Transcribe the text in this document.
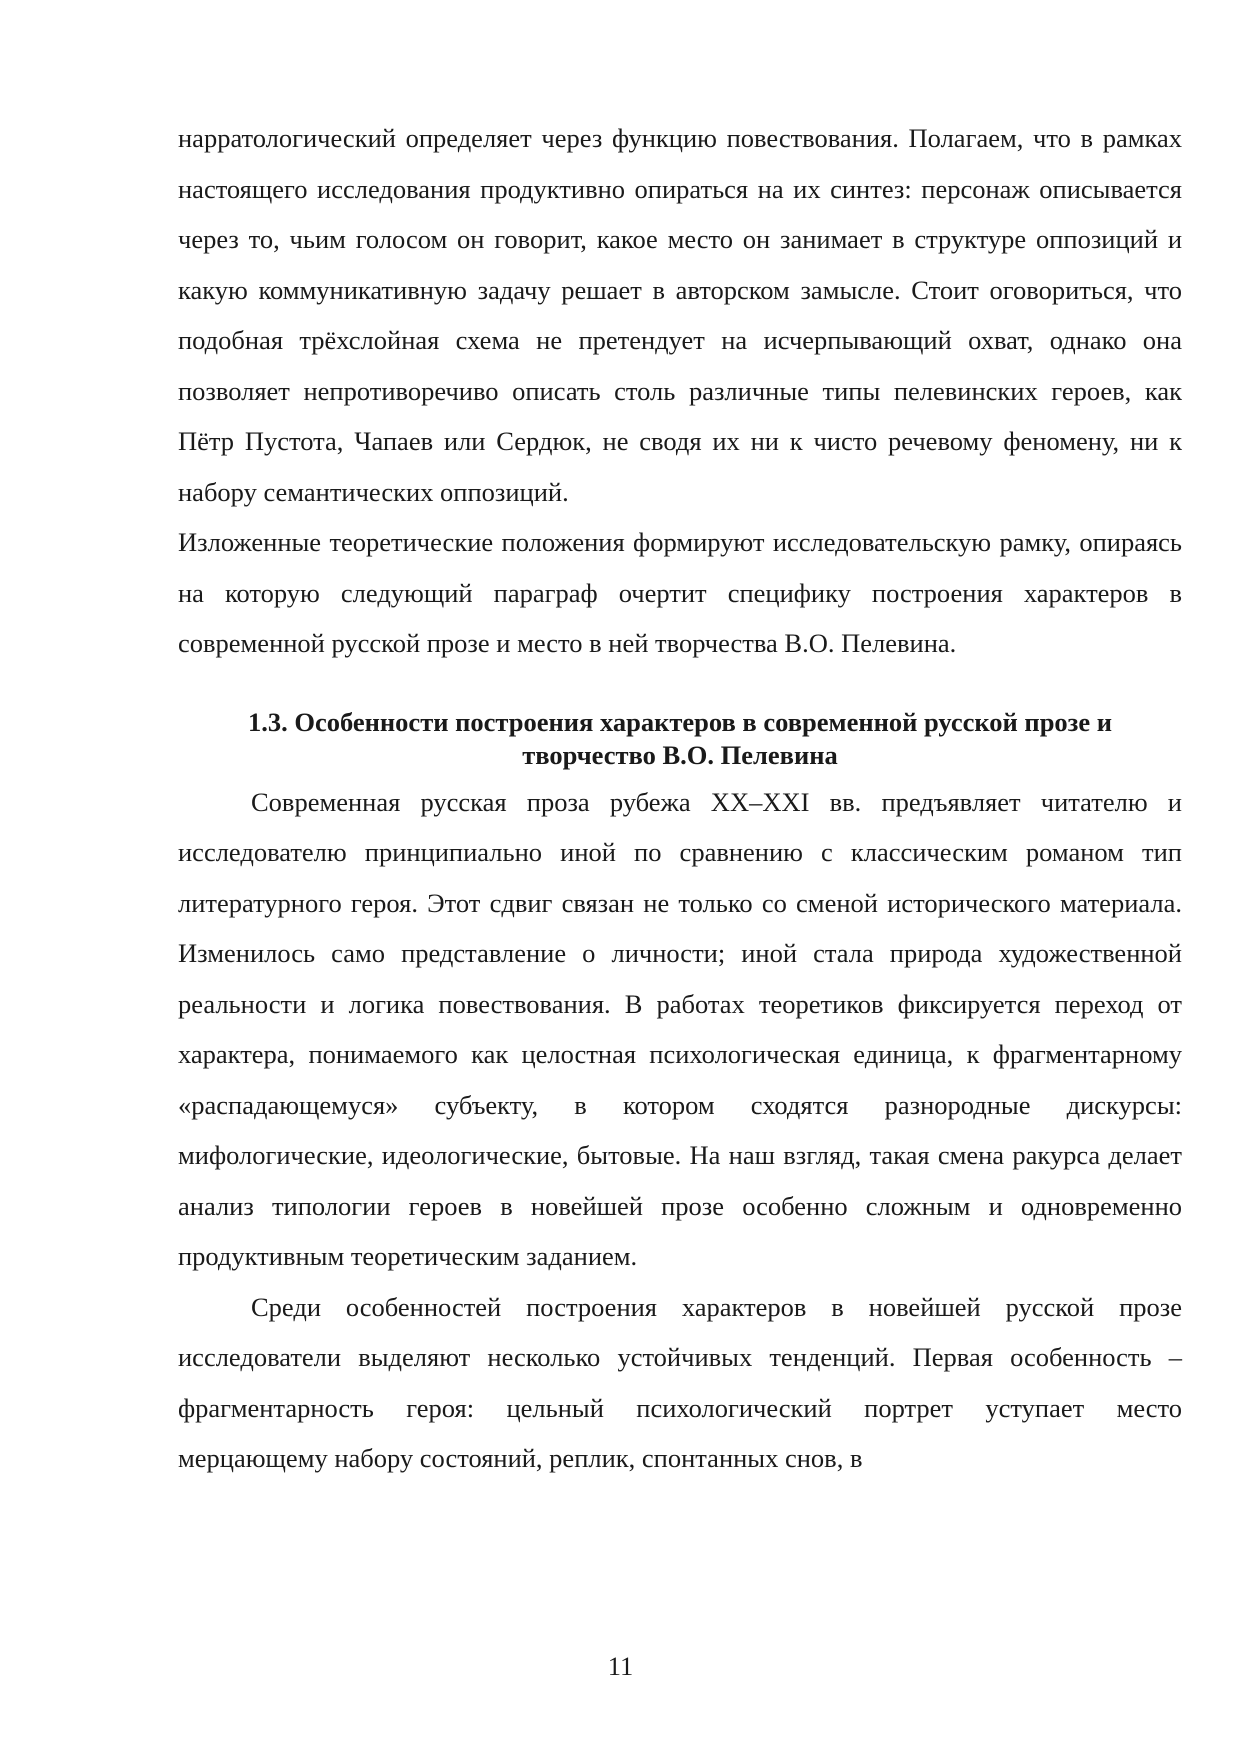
нарратологический определяет через функцию повествования. Полагаем, что в рамках настоящего исследования продуктивно опираться на их синтез: персонаж описывается через то, чьим голосом он говорит, какое место он занимает в структуре оппозиций и какую коммуникативную задачу решает в авторском замысле. Стоит оговориться, что подобная трёхслойная схема не претендует на исчерпывающий охват, однако она позволяет непротиворечиво описать столь различные типы пелевинских героев, как Пётр Пустота, Чапаев или Сердюк, не сводя их ни к чисто речевому феномену, ни к набору семантических оппозиций.

Изложенные теоретические положения формируют исследовательскую рамку, опираясь на которую следующий параграф очертит специфику построения характеров в современной русской прозе и место в ней творчества В.О. Пелевина.

1.3. Особенности построения характеров в современной русской прозе и творчество В.О. Пелевина

Современная русская проза рубежа XX–XXI вв. предъявляет читателю и исследователю принципиально иной по сравнению с классическим романом тип литературного героя. Этот сдвиг связан не только со сменой исторического материала. Изменилось само представление о личности; иной стала природа художественной реальности и логика повествования. В работах теоретиков фиксируется переход от характера, понимаемого как целостная психологическая единица, к фрагментарному «распадающемуся» субъекту, в котором сходятся разнородные дискурсы: мифологические, идеологические, бытовые. На наш взгляд, такая смена ракурса делает анализ типологии героев в новейшей прозе особенно сложным и одновременно продуктивным теоретическим заданием.

Среди особенностей построения характеров в новейшей русской прозе исследователи выделяют несколько устойчивых тенденций. Первая особенность – фрагментарность героя: цельный психологический портрет уступает место мерцающему набору состояний, реплик, спонтанных снов, в

11
